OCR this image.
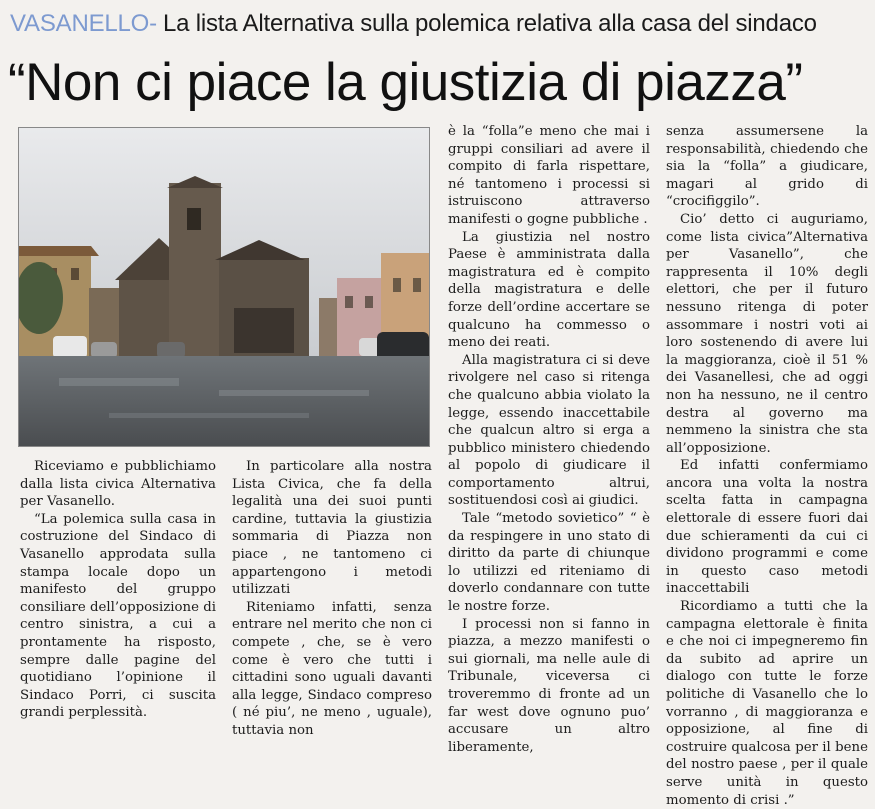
VASANELLO- La lista Alternativa sulla polemica relativa alla casa del sindaco
“Non ci piace la giustizia di piazza”

Riceviamo e pubblichiamo dalla lista civica Alternativa per Vasanello.

“La polemica sulla casa in costruzione del Sindaco di Vasanello approdata sulla stampa locale dopo un manifesto del gruppo consiliare dell’opposizione di centro sinistra, a cui a prontamente ha risposto, sempre dalle pagine del quotidiano l’opinione il Sindaco Porri, ci suscita grandi perplessità.

In particolare alla nostra Lista Civica, che fa della legalità una dei suoi punti cardine, tuttavia la giustizia sommaria di Piazza non piace , ne tantomeno ci appartengono i metodi utilizzati

Riteniamo infatti, senza entrare nel merito che non ci compete , che, se è vero come è vero che tutti i cittadini sono uguali davanti alla legge, Sindaco compreso ( né piu’, ne meno , uguale), tuttavia non

è la “folla”e meno che mai i gruppi consiliari ad avere il compito di farla rispettare, né tantomeno i processi si istruiscono attraverso manifesti o gogne pubbliche .

La giustizia nel nostro Paese è amministrata dalla magistratura ed è compito della magistratura e delle forze dell’ordine accertare se qualcuno ha commesso o meno dei reati.

Alla magistratura ci si deve rivolgere nel caso si ritenga che qualcuno abbia violato la legge, essendo inaccettabile che qualcun altro si erga a pubblico ministero chiedendo al popolo di giudicare il comportamento altrui, sostituendosi così ai giudici.

Tale “metodo sovietico” “ è da respingere in uno stato di diritto da parte di chiunque lo utilizzi ed riteniamo di doverlo condannare con tutte le nostre forze.

I processi non si fanno in piazza, a mezzo manifesti o sui giornali, ma nelle aule di Tribunale, viceversa ci troveremmo di fronte ad un far west dove ognuno puo’ accusare un altro liberamente,

senza assumersene la responsabilità, chiedendo che sia la “folla” a giudicare, magari al grido di “crocifiggilo”.

Cio’ detto ci auguriamo, come lista civica”Alternativa per Vasanello”, che rappresenta il 10% degli elettori, che per il futuro nessuno ritenga di poter assommare i nostri voti ai loro sostenendo di avere lui la maggioranza, cioè il 51 % dei Vasanellesi, che ad oggi non ha nessuno, ne il centro destra al governo ma nemmeno la sinistra che sta all’opposizione.

Ed infatti confermiamo ancora una volta la nostra scelta fatta in campagna elettorale di essere fuori dai due schieramenti da cui ci dividono programmi e come in questo caso metodi inaccettabili

Ricordiamo a tutti che la campagna elettorale è finita e che noi ci impegneremo fin da subito ad aprire un dialogo con tutte le forze politiche di Vasanello che lo vorranno , di maggioranza e opposizione, al fine di costruire qualcosa per il bene del nostro paese , per il quale serve unità in questo momento di crisi .”
